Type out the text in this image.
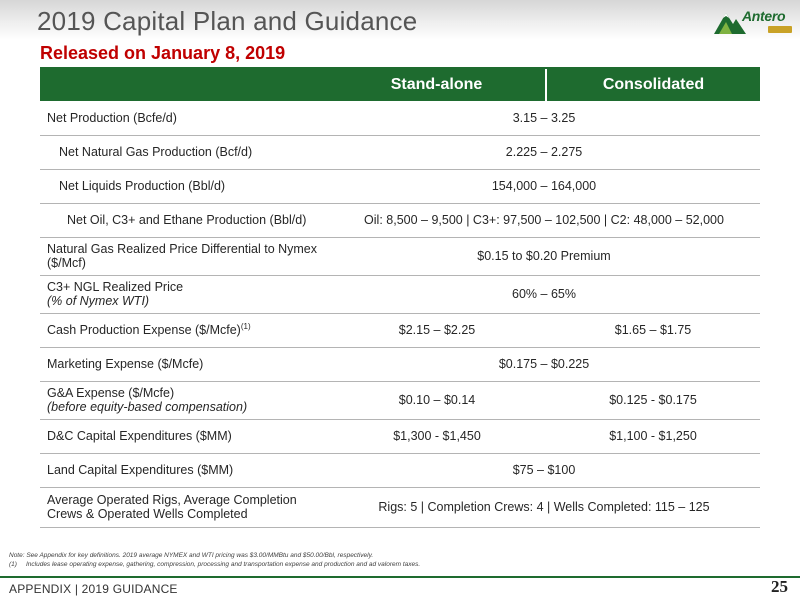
2019 Capital Plan and Guidance	Antero
Released on January 8, 2019
	Stand-alone	Consolidated
Net Production (Bcfe/d)	3.15 – 3.25	
Net Natural Gas Production (Bcf/d)	2.225 – 2.275	
Net Liquids Production (Bbl/d)	154,000 – 164,000	
Net Oil, C3+ and Ethane Production (Bbl/d)	Oil: 8,500 – 9,500 | C3+: 97,500 – 102,500 | C2: 48,000 – 52,000	
Natural Gas Realized Price Differential to Nymex ($/Mcf)	$0.15 to $0.20 Premium	
C3+ NGL Realized Price
(% of Nymex WTI)	60% – 65%	
Cash Production Expense ($/Mcfe)$^{(1)}$	$2.15 – $2.25	$1.65 – $1.75
Marketing Expense ($/Mcfe)	$0.175 – $0.225	
G&A Expense ($/Mcfe)
(before equity-based compensation)	$0.10 – $0.14	$0.125 - $0.175
D&C Capital Expenditures ($MM)	$1,300 - $1,450	$1,100 - $1,250
Land Capital Expenditures ($MM)	$75 – $100	
Average Operated Rigs, Average Completion Crews & Operated Wells Completed	Rigs: 5 | Completion Crews: 4 | Wells Completed: 115 – 125	
Note: See Appendix for key definitions. 2019 average NYMEX and WTI pricing was $3.00/MMBtu and $50.00/Bbl, respectively.
(1)     Includes lease operating expense, gathering, compression, processing and transportation expense and production and ad valorem taxes.
APPENDIX | 2019 GUIDANCE	25
